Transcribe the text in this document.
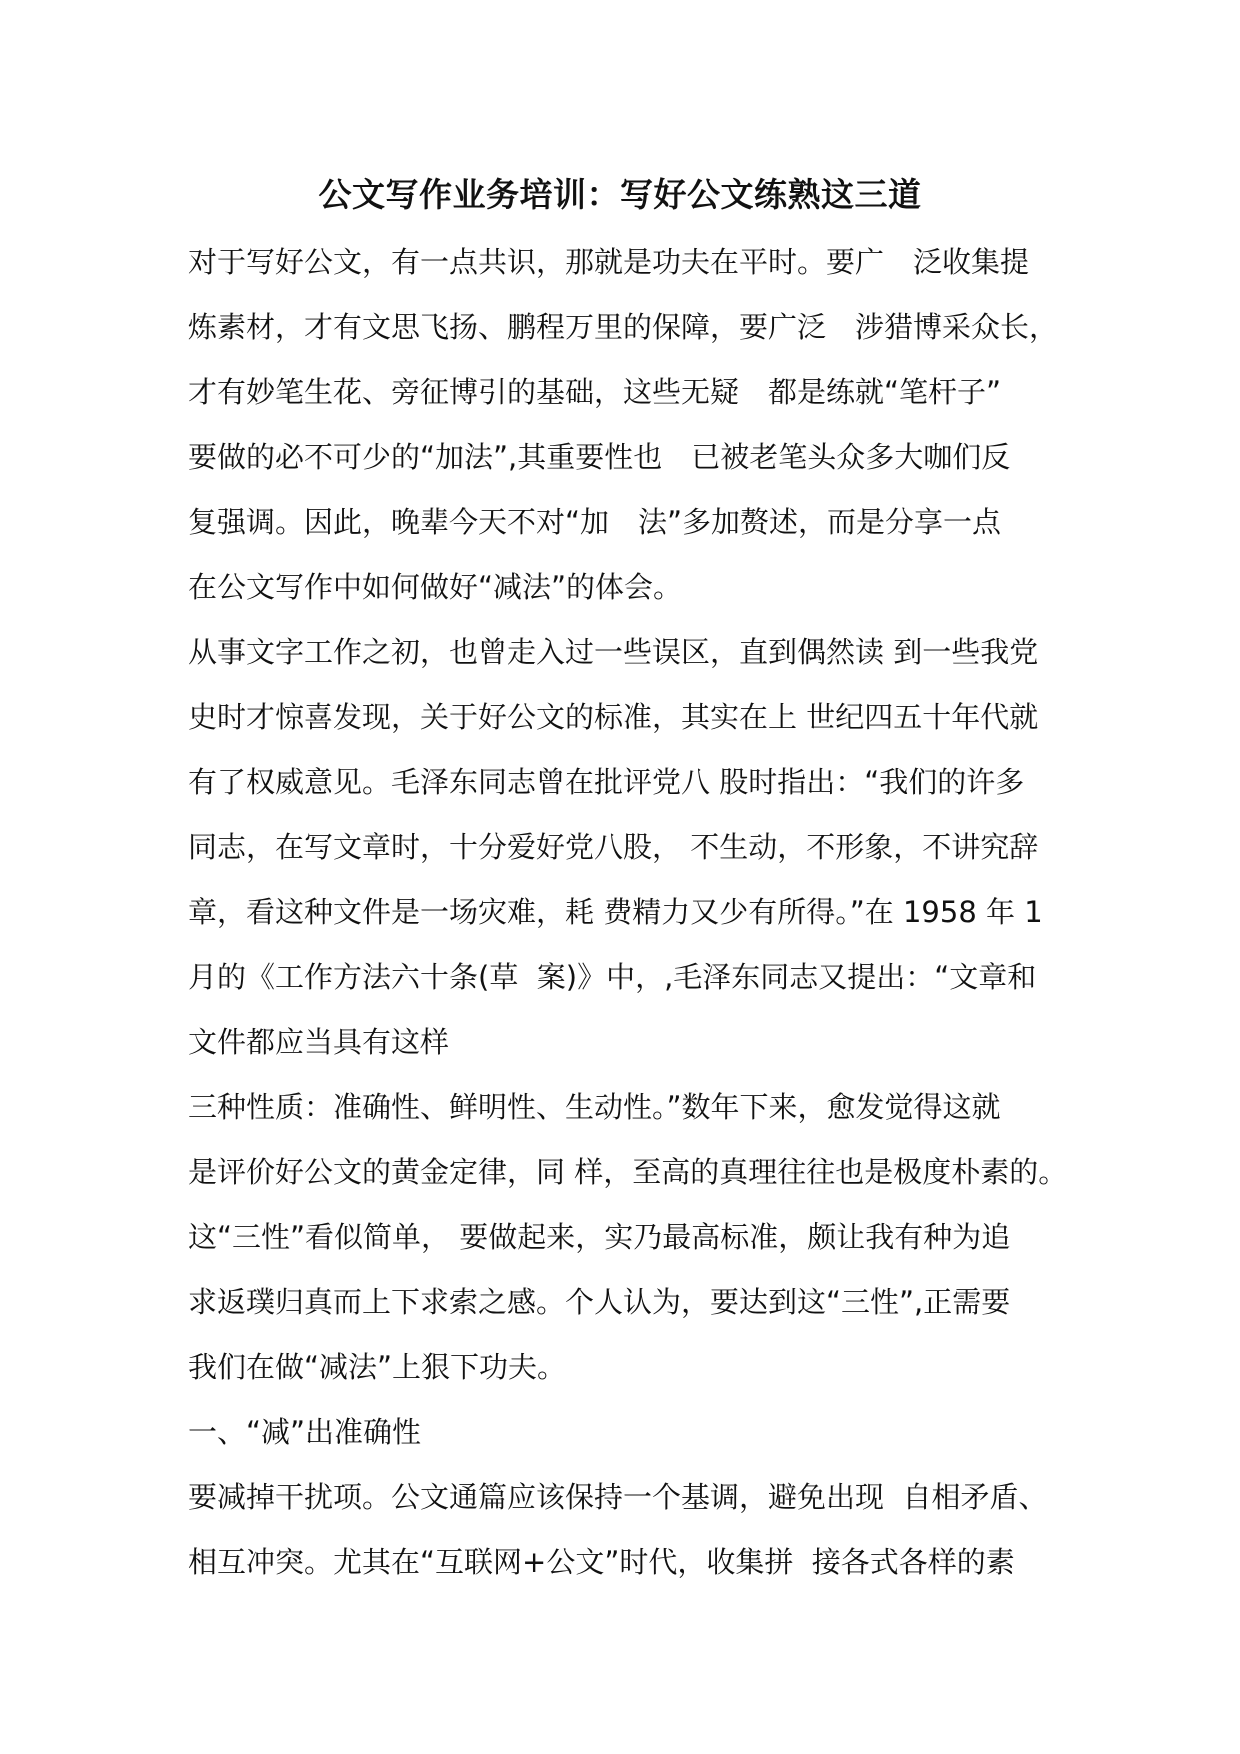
公文写作业务培训：写好公文练熟这三道

对于写好公文，有一点共识，那就是功夫在平时。要广　泛收集提

炼素材，才有文思飞扬、鹏程万里的保障，要广泛　涉猎博采众长，

才有妙笔生花、旁征博引的基础，这些无疑　都是练就“笔杆子”

要做的必不可少的“加法”,其重要性也　已被老笔头众多大咖们反

复强调。因此，晚辈今天不对“加　法”多加赘述，而是分享一点

在公文写作中如何做好“减法”的体会。

从事文字工作之初，也曾走入过一些误区，直到偶然读 到一些我党

史时才惊喜发现，关于好公文的标准，其实在上 世纪四五十年代就

有了权威意见。毛泽东同志曾在批评党八 股时指出：“我们的许多

同志，在写文章时，十分爱好党八股， 不生动，不形象，不讲究辞

章，看这种文件是一场灾难，耗 费精力又少有所得。”在 1958 年 1

月的《工作方法六十条(草  案)》中，,毛泽东同志又提出：“文章和

文件都应当具有这样

三种性质：准确性、鲜明性、生动性。”数年下来，愈发觉得这就

是评价好公文的黄金定律，同 样，至高的真理往往也是极度朴素的。

这“三性”看似简单， 要做起来，实乃最高标准，颇让我有种为追

求返璞归真而上下求索之感。个人认为，要达到这“三性”,正需要

我们在做“减法”上狠下功夫。

一、“减”出准确性

要减掉干扰项。公文通篇应该保持一个基调，避免出现  自相矛盾、

相互冲突。尤其在“互联网+公文”时代，收集拼  接各式各样的素
